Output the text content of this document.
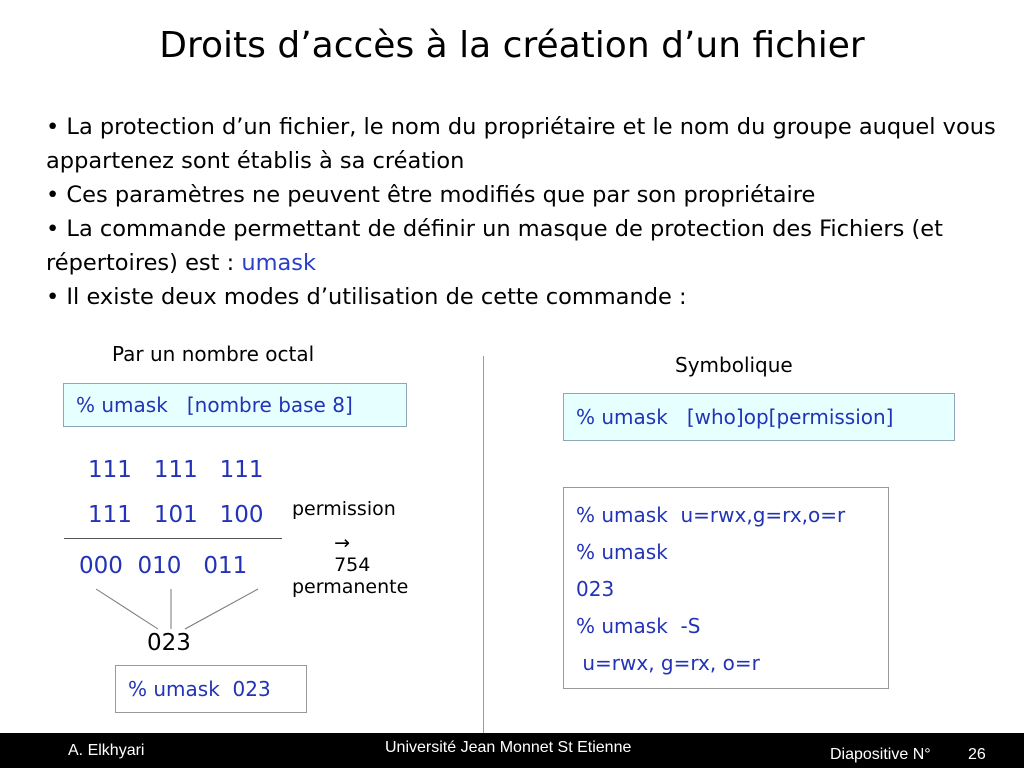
Droits d’accès à la création d’un fichier

• La protection d’un fichier, le nom du propriétaire et le nom du groupe auquel vous appartenez sont établis à sa création

• Ces paramètres ne peuvent être modifiés que par son propriétaire

• La commande permettant de définir un masque de protection des Fichiers (et répertoires) est : umask

• Il existe deux modes d’utilisation de cette commande :

Par un nombre octal
% umask   [nombre base 8]
111   111   111
111   101   100

permission

permanente

→
754

000  010   011
023
% umask  023
Symbolique
% umask   [who]op[permission]
% umask  u=rwx,g=rx,o=r
% umask
023
% umask  -S
u=rwx, g=rx, o=r
A. Elkhyari	Université Jean Monnet St Etienne	Diapositive N° 26
